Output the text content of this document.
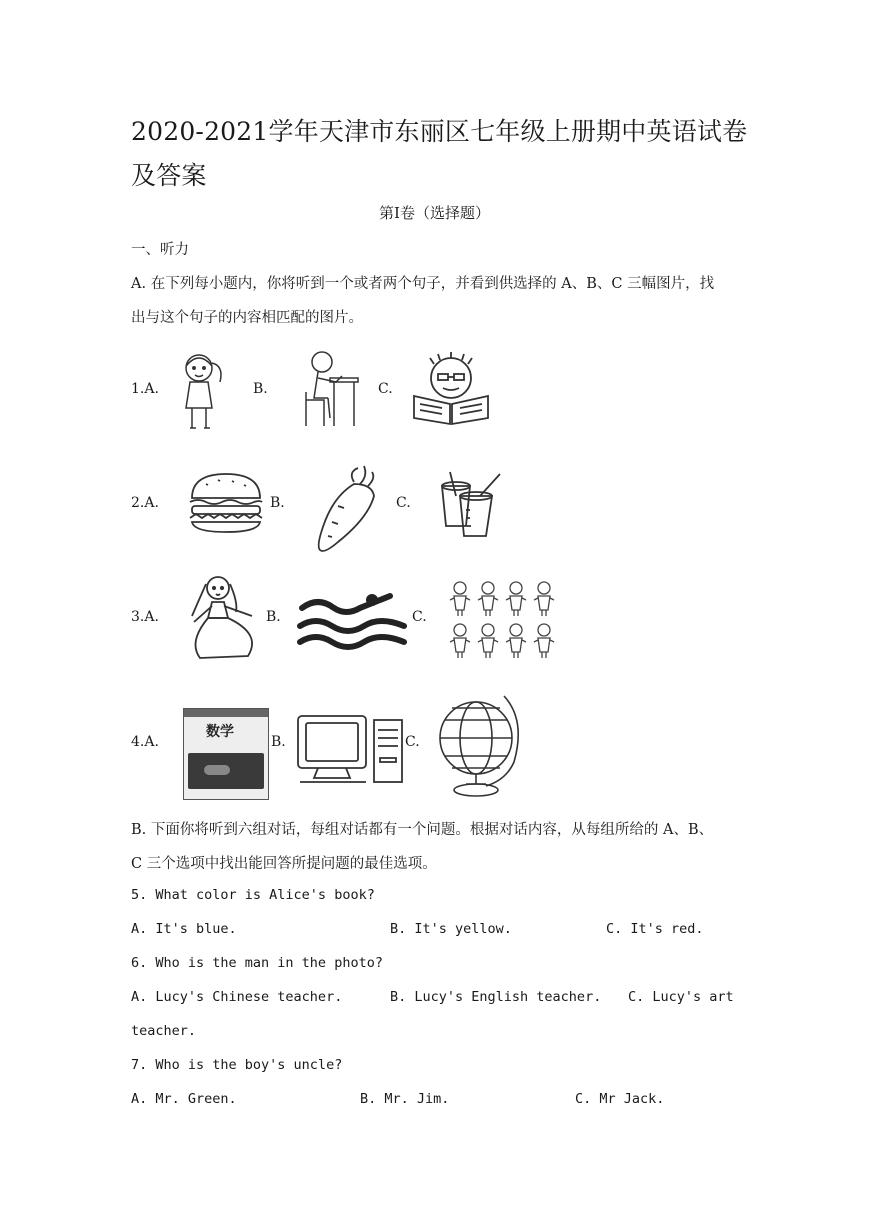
2020-2021学年天津市东丽区七年级上册期中英语试卷及答案
第I卷（选择题）
一、听力
A. 在下列每小题内，你将听到一个或者两个句子，并看到供选择的 A、B、C 三幅图片，找
出与这个句子的内容相匹配的图片。
1.A.	B.	C.
2.A.	B.	C.
3.A.	B.	C.
4.A.	B.	C.
数学
B. 下面你将听到六组对话，每组对话都有一个问题。根据对话内容，从每组所给的 A、B、
C 三个选项中找出能回答所提问题的最佳选项。
5. What color is Alice's book?
A. It's blue.	B. It's yellow.	C. It's red.
6. Who is the man in the photo?
A. Lucy's Chinese teacher.	B. Lucy's English teacher. C. Lucy's art
teacher.
7. Who is the boy's uncle?
A. Mr. Green.	B. Mr. Jim.	C. Mr Jack.
